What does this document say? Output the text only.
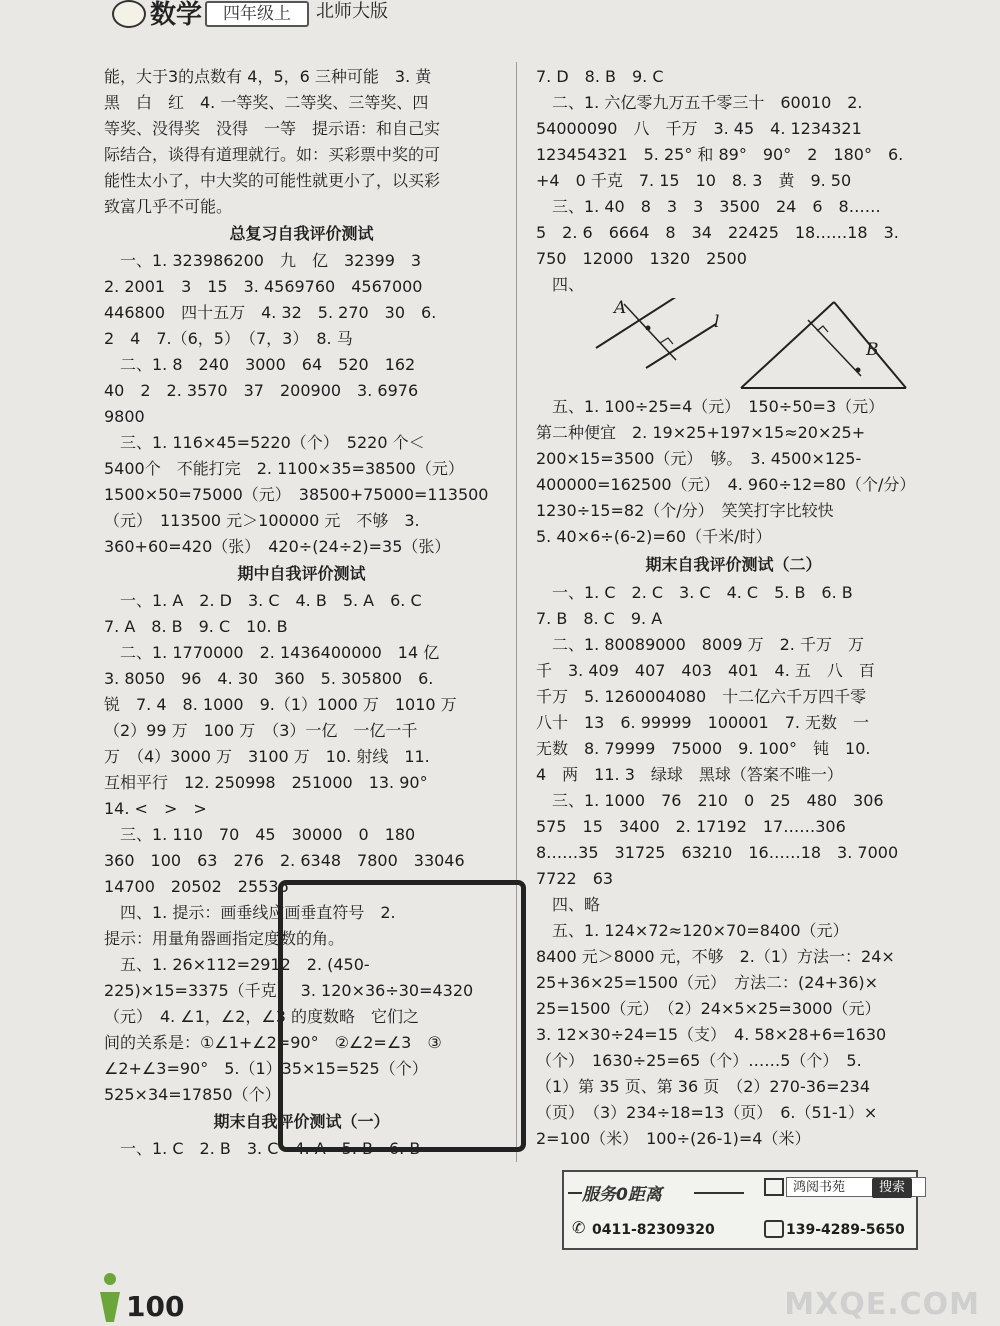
数学	四年级上	北师大版
能，大于3的点数有 4，5，6 三种可能　3. 黄
黑　白　红　4. 一等奖、二等奖、三等奖、四
等奖、没得奖　没得　一等　提示语：和自己实
际结合，谈得有道理就行。如：买彩票中奖的可
能性太小了，中大奖的可能性就更小了，以买彩
致富几乎不可能。
总复习自我评价测试
　一、1. 323986200　九　亿　32399　3
2. 2001　3　15　3. 4569760　4567000
446800　四十五万　4. 32　5. 270　30　6.
2　4　7.（6，5）　（7，3）　8. 马
　二、1. 8　240　3000　64　520　162
40　2　2. 3570　37　200900　3. 6976
9800
　三、1. 116×45=5220（个）　5220 个＜
5400个　不能打完　2. 1100×35=38500（元）
1500×50=75000（元）　38500+75000=113500
（元）　113500 元＞100000 元　不够　3.
360+60=420（张）　420÷(24÷2)=35（张）
期中自我评价测试
　一、1. A　2. D　3. C　4. B　5. A　6. C
7. A　8. B　9. C　10. B
　二、1. 1770000　2. 1436400000　14 亿
3. 8050　96　4. 30　360　5. 305800　6.
锐　7. 4　8. 1000　9.（1）1000 万　1010 万
（2）99 万　100 万　（3）一亿　一亿一千
万　（4）3000 万　3100 万　10. 射线　11.
互相平行　12. 250998　251000　13. 90°
14. <　>　>
　三、1. 110　70　45　30000　0　180
360　100　63　276　2. 6348　7800　33046
14700　20502　25536
　四、1. 提示：画垂线应画垂直符号　2.
提示：用量角器画指定度数的角。
　五、1. 26×112=2912　2. (450-
225)×15=3375（千克）　3. 120×36÷30=4320
（元）　4. ∠1，∠2，∠3 的度数略　它们之
间的关系是：①∠1+∠2=90°　②∠2=∠3　③
∠2+∠3=90°　5.（1）35×15=525（个）
525×34=17850（个）
期末自我评价测试（一）
　一、1. C　2. B　3. C　4. A　5. B　6. B
7. D　8. B　9. C
　二、1. 六亿零九万五千零三十　60010　2.
54000090　八　千万　3. 45　4. 1234321
123454321　5. 25° 和 89°　90°　2　180°　6.
+4　0 千克　7. 15　10　8. 3　黄　9. 50
　三、1. 40　8　3　3　3500　24　6　8……
5　2. 6　6664　8　34　22425　18……18　3.
750　12000　1320　2500
　四、
A
l
B
　五、1. 100÷25=4（元）　150÷50=3（元）
第二种便宜　2. 19×25+197×15≈20×25+
200×15=3500（元）　够。　3. 4500×125-
400000=162500（元）　4. 960÷12=80（个/分）
1230÷15=82（个/分）　笑笑打字比较快
5. 40×6÷(6-2)=60（千米/时）
期末自我评价测试（二）
　一、1. C　2. C　3. C　4. C　5. B　6. B
7. B　8. C　9. A
　二、1. 80089000　8009 万　2. 千万　万
千　3. 409　407　403　401　4. 五　八　百
千万　5. 1260004080　十二亿六千万四千零
八十　13　6. 99999　100001　7. 无数　一
无数　8. 79999　75000　9. 100°　钝　10.
4　两　11. 3　绿球　黑球（答案不唯一）
　三、1. 1000　76　210　0　25　480　306
575　15　3400　2. 17192　17……306
8……35　31725　63210　16……18　3. 7000
7722　63
　四、略
　五、1. 124×72≈120×70=8400（元）
8400 元＞8000 元，不够　2.（1）方法一：24×
25+36×25=1500（元）　方法二：(24+36)×
25=1500（元）　（2）24×5×25=3000（元）
3. 12×30÷24=15（支）　4. 58×28+6=1630
（个）　1630÷25=65（个）……5（个）　5.
（1）第 35 页、第 36 页　（2）270-36=234
（页）　（3）234÷18=13（页）　6.（51-1）×
2=100（米）　100÷(26-1)=4（米）
服务0距离	鸿阅书苑	搜索
✆ 0411-82309320	139-4289-5650
100	MXQE.COM
